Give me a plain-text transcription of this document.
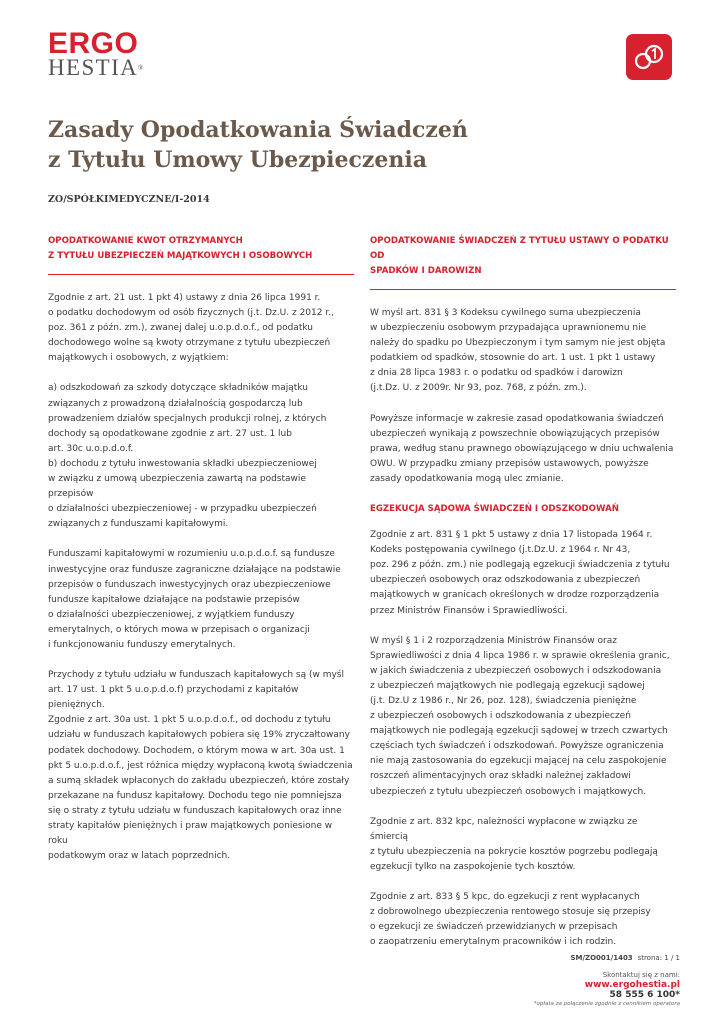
ERGO
HESTIA®
Zasady Opodatkowania Świadczeń
z Tytułu Umowy Ubezpieczenia
ZO/SPÓŁKIMEDYCZNE/I-2014

OPODATKOWANIE KWOT OTRZYMANYCH
Z TYTUŁU UBEZPIECZEŃ MAJĄTKOWYCH I OSOBOWYCH

Zgodnie z art. 21 ust. 1 pkt 4) ustawy z dnia 26 lipca 1991 r.
o podatku dochodowym od osób fizycznych (j.t. Dz.U. z 2012 r.,
poz. 361 z późn. zm.), zwanej dalej u.o.p.d.o.f., od podatku
dochodowego wolne są kwoty otrzymane z tytułu ubezpieczeń
majątkowych i osobowych, z wyjątkiem:

a) odszkodowań za szkody dotyczące składników majątku
związanych z prowadzoną działalnością gospodarczą lub
prowadzeniem działów specjalnych produkcji rolnej, z których
dochody są opodatkowane zgodnie z art. 27 ust. 1 lub
art. 30c u.o.p.d.o.f.
b) dochodu z tytułu inwestowania składki ubezpieczeniowej
w związku z umową ubezpieczenia zawartą na podstawie przepisów
o działalności ubezpieczeniowej - w przypadku ubezpieczeń
związanych z funduszami kapitałowymi.

Funduszami kapitałowymi w rozumieniu u.o.p.d.o.f. są fundusze
inwestycyjne oraz fundusze zagraniczne działające na podstawie
przepisów o funduszach inwestycyjnych oraz ubezpieczeniowe
fundusze kapitałowe działające na podstawie przepisów
o działalności ubezpieczeniowej, z wyjątkiem funduszy
emerytalnych, o których mowa w przepisach o organizacji
i funkcjonowaniu funduszy emerytalnych.

Przychody z tytułu udziału w funduszach kapitałowych są (w myśl
art. 17 ust. 1 pkt 5 u.o.p.d.o.f) przychodami z kapitałów pieniężnych.
Zgodnie z art. 30a ust. 1 pkt 5 u.o.p.d.o.f., od dochodu z tytułu
udziału w funduszach kapitałowych pobiera się 19% zryczałtowany
podatek dochodowy. Dochodem, o którym mowa w art. 30a ust. 1
pkt 5 u.o.p.d.o.f., jest różnica między wypłaconą kwotą świadczenia
a sumą składek wpłaconych do zakładu ubezpieczeń, które zostały
przekazane na fundusz kapitałowy. Dochodu tego nie pomniejsza
się o straty z tytułu udziału w funduszach kapitałowych oraz inne
straty kapitałów pieniężnych i praw majątkowych poniesione w roku
podatkowym oraz w latach poprzednich.

OPODATKOWANIE ŚWIADCZEŃ Z TYTUŁU USTAWY O PODATKU OD
SPADKÓW I DAROWIZN

W myśl art. 831 § 3 Kodeksu cywilnego suma ubezpieczenia
w ubezpieczeniu osobowym przypadająca uprawnionemu nie
należy do spadku po Ubezpieczonym i tym samym nie jest objęta
podatkiem od spadków, stosownie do art. 1 ust. 1 pkt 1 ustawy
z dnia 28 lipca 1983 r. o podatku od spadków i darowizn
(j.t.Dz. U. z 2009r. Nr 93, poz. 768, z późn. zm.).

Powyższe informacje w zakresie zasad opodatkowania świadczeń
ubezpieczeń wynikają z powszechnie obowiązujących przepisów
prawa, według stanu prawnego obowiązującego w dniu uchwalenia
OWU. W przypadku zmiany przepisów ustawowych, powyższe
zasady opodatkowania mogą ulec zmianie.

EGZEKUCJA SĄDOWA ŚWIADCZEŃ I ODSZKODOWAŃ

Zgodnie z art. 831 § 1 pkt 5 ustawy z dnia 17 listopada 1964 r.
Kodeks postępowania cywilnego (j.t.Dz.U. z 1964 r. Nr 43,
poz. 296 z późn. zm.) nie podlegają egzekucji świadczenia z tytułu
ubezpieczeń osobowych oraz odszkodowania z ubezpieczeń
majątkowych w granicach określonych w drodze rozporządzenia
przez Ministrów Finansów i Sprawiedliwości.

W myśl § 1 i 2 rozporządzenia Ministrów Finansów oraz
Sprawiedliwości z dnia 4 lipca 1986 r. w sprawie określenia granic,
w jakich świadczenia z ubezpieczeń osobowych i odszkodowania
z ubezpieczeń majątkowych nie podlegają egzekucji sądowej
(j.t. Dz.U z 1986 r., Nr 26, poz. 128), świadczenia pieniężne
z ubezpieczeń osobowych i odszkodowania z ubezpieczeń
majątkowych nie podlegają egzekucji sądowej w trzech czwartych
częściach tych świadczeń i odszkodowań. Powyższe ograniczenia
nie mają zastosowania do egzekucji mającej na celu zaspokojenie
roszczeń alimentacyjnych oraz składki należnej zakładowi
ubezpieczeń z tytułu ubezpieczeń osobowych i majątkowych.

Zgodnie z art. 832 kpc, należności wypłacone w związku ze śmiercią
z tytułu ubezpieczenia na pokrycie kosztów pogrzebu podlegają
egzekucji tylko na zaspokojenie tych kosztów.

Zgodnie z art. 833 § 5 kpc, do egzekucji z rent wypłacanych
z dobrowolnego ubezpieczenia rentowego stosuje się przepisy
o egzekucji ze świadczeń przewidzianych w przepisach
o zaopatrzeniu emerytalnym pracowników i ich rodzin.

SM/ZO001/1403 strona: 1 / 1
Skontaktuj się z nami:
www.ergohestia.pl
58 555 6 100*
*opłata za połączenie zgodnie z cennikiem operatora
